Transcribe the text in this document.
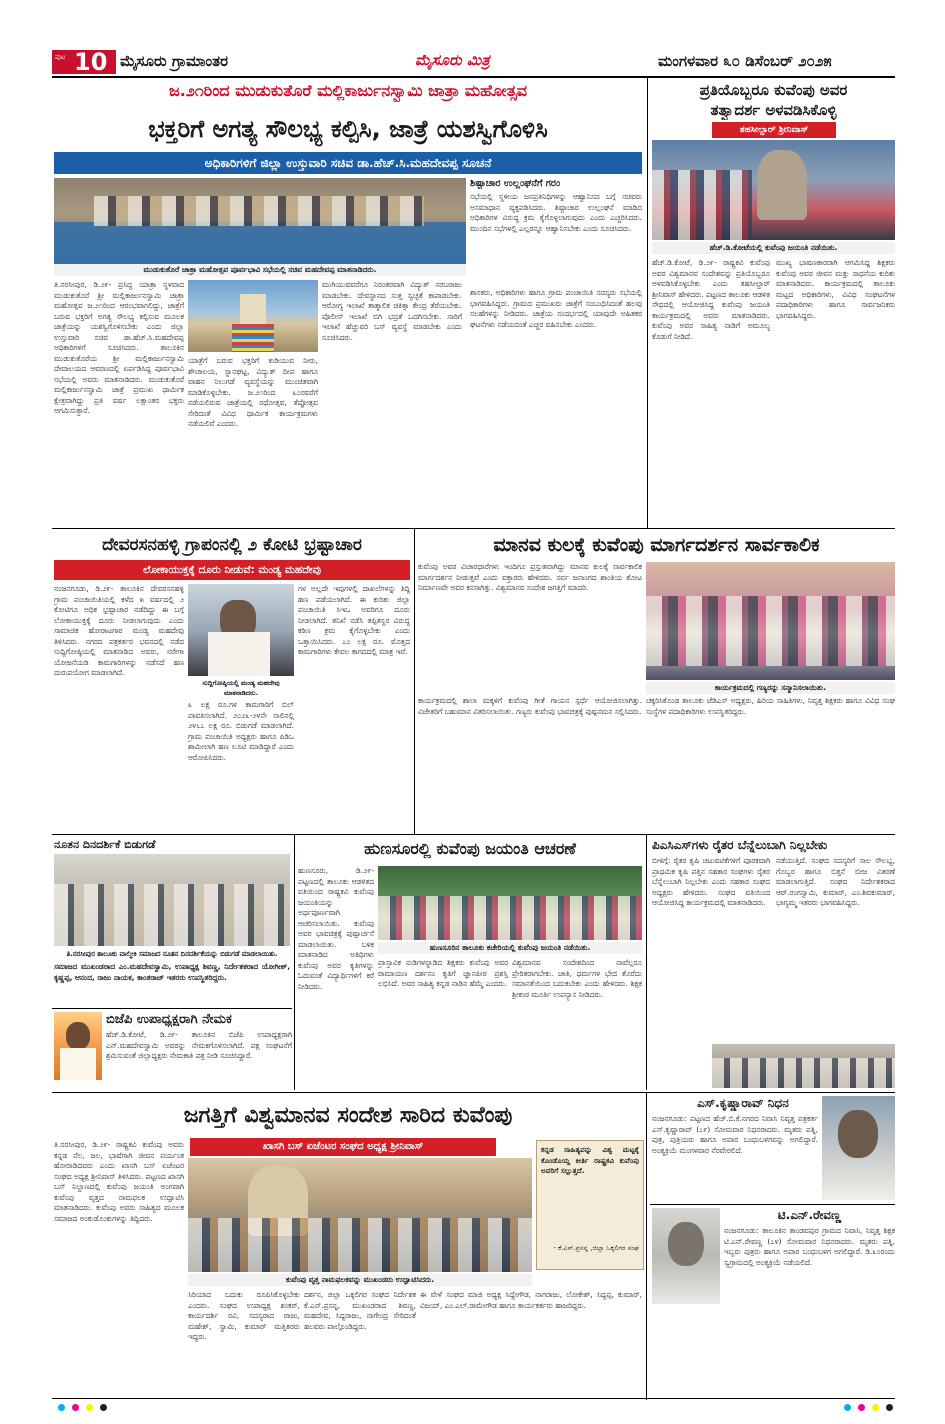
ಪುಟ 10 ಮೈಸೂರು ಗ್ರಾಮಾಂತರ	ಮೈಸೂರು ಮಿತ್ರ	ಮಂಗಳವಾರ ೩೦ ಡಿಸೆಂಬರ್ ೨೦೨೫
ಜ.೨೧ರಿಂದ ಮುಡುಕುತೊರೆ ಮಲ್ಲಿಕಾರ್ಜುನಸ್ವಾಮಿ ಜಾತ್ರಾ ಮಹೋತ್ಸವ
ಭಕ್ತರಿಗೆ ಅಗತ್ಯ ಸೌಲಭ್ಯ ಕಲ್ಪಿಸಿ, ಜಾತ್ರೆ ಯಶಸ್ವಿಗೊಳಿಸಿ
ಅಧಿಕಾರಿಗಳಿಗೆ ಜಿಲ್ಲಾ ಉಸ್ತುವಾರಿ ಸಚಿವ ಡಾ.ಹೆಚ್.ಸಿ.ಮಹದೇವಪ್ಪ ಸೂಚನೆ
ಮುಡುಕುತೊರೆ ಜಾತ್ರಾ ಮಹೋತ್ಸವ ಪೂರ್ವಭಾವಿ ಸಭೆಯಲ್ಲಿ ಸಚಿವ ಮಹದೇವಪ್ಪ ಮಾತನಾಡಿದರು.
ಶಿಷ್ಟಾಚಾರ ಉಲ್ಲಂಘನೆಗೆ ಗರಂ
ಸಭೆಯಲ್ಲಿ ಸ್ಥಳೀಯ ಜನಪ್ರತಿನಿಧಿಗಳನ್ನು ಆಹ್ವಾನಿಸದ ಬಗ್ಗೆ ಸಚಿವರು ಅಸಮಾಧಾನ ವ್ಯಕ್ತಪಡಿಸಿದರು. ಶಿಷ್ಟಾಚಾರ ಉಲ್ಲಂಘನೆ ಮಾಡಿದ ಅಧಿಕಾರಿಗಳ ವಿರುದ್ಧ ಕ್ರಮ ಕೈಗೊಳ್ಳಲಾಗುವುದು ಎಂದು ಎಚ್ಚರಿಸಿದರು. ಮುಂದಿನ ಸಭೆಗಳಲ್ಲಿ ಎಲ್ಲರನ್ನೂ ಆಹ್ವಾನಿಸಬೇಕು ಎಂದು ಸೂಚಿಸಿದರು.
ತಿ.ನರಸೀಪುರ, ಡಿ.೨೯- ಪ್ರಸಿದ್ಧ ಯಾತ್ರಾ ಸ್ಥಳವಾದ ಮುಡುಕುತೊರೆ ಶ್ರೀ ಮಲ್ಲಿಕಾರ್ಜುನಸ್ವಾಮಿ ಜಾತ್ರಾ ಮಹೋತ್ಸವ ಜ.೨೧ರಿಂದ ಆರಂಭವಾಗಲಿದ್ದು, ಜಾತ್ರೆಗೆ ಬರುವ ಭಕ್ತರಿಗೆ ಅಗತ್ಯ ಸೌಲಭ್ಯ ಕಲ್ಪಿಸುವ ಮೂಲಕ ಜಾತ್ರೆಯನ್ನು ಯಶಸ್ವಿಗೊಳಿಸಬೇಕು ಎಂದು ಜಿಲ್ಲಾ ಉಸ್ತುವಾರಿ ಸಚಿವ ಡಾ.ಹೆಚ್.ಸಿ.ಮಹದೇವಪ್ಪ ಅಧಿಕಾರಿಗಳಿಗೆ ಸೂಚಿಸಿದರು. ತಾಲೂಕಿನ ಮುಡುಕುತೊರೆಯ ಶ್ರೀ ಮಲ್ಲಿಕಾರ್ಜುನಸ್ವಾಮಿ ದೇವಾಲಯದ ಆವರಣದಲ್ಲಿ ಏರ್ಪಡಿಸಿದ್ದ ಪೂರ್ವಭಾವಿ ಸಭೆಯಲ್ಲಿ ಅವರು ಮಾತನಾಡಿದರು. ಮುಡುಕುತೊರೆ ಮಲ್ಲಿಕಾರ್ಜುನಸ್ವಾಮಿ ಜಾತ್ರೆ ಪ್ರಮುಖ ಧಾರ್ಮಿಕ ಕ್ಷೇತ್ರವಾಗಿದ್ದು ಪ್ರತಿ ವರ್ಷ ಲಕ್ಷಾಂತರ ಭಕ್ತರು ಆಗಮಿಸುತ್ತಾರೆ.
ಯಾತ್ರೆಗೆ ಬರುವ ಭಕ್ತರಿಗೆ ಕುಡಿಯುವ ನೀರು, ಶೌಚಾಲಯ, ಸ್ನಾನಘಟ್ಟ, ವಿದ್ಯುತ್ ದೀಪ ಹಾಗೂ ವಾಹನ ನಿಲುಗಡೆ ವ್ಯವಸ್ಥೆಯನ್ನು ಮುಂಚಿತವಾಗಿ ಮಾಡಿಕೊಳ್ಳಬೇಕು. ಜ.೨೧ರಿಂದ ೩೦ರವರೆಗೆ ನಡೆಯಲಿರುವ ಜಾತ್ರೆಯಲ್ಲಿ ರಥೋತ್ಸವ, ತೆಪ್ಪೋತ್ಸವ ಸೇರಿದಂತೆ ವಿವಿಧ ಧಾರ್ಮಿಕ ಕಾರ್ಯಕ್ರಮಗಳು ನಡೆಯಲಿವೆ ಎಂದರು.
ಮುಗಿಯುವವರೆಗೂ ನಿರಂತರವಾಗಿ ವಿದ್ಯುತ್ ಸರಬರಾಜು ಮಾಡಬೇಕು. ದೇವಸ್ಥಾನದ ಸುತ್ತ ಸ್ವಚ್ಛತೆ ಕಾಪಾಡಬೇಕು. ಆರೋಗ್ಯ ಇಲಾಖೆ ತಾತ್ಕಾಲಿಕ ಚಿಕಿತ್ಸಾ ಕೇಂದ್ರ ತೆರೆಯಬೇಕು. ಪೊಲೀಸ್ ಇಲಾಖೆ ಬಿಗಿ ಭದ್ರತೆ ಒದಗಿಸಬೇಕು. ಸಾರಿಗೆ ಇಲಾಖೆ ಹೆಚ್ಚುವರಿ ಬಸ್ ವ್ಯವಸ್ಥೆ ಮಾಡಬೇಕು ಎಂದು ಸೂಚಿಸಿದರು.
ಶಾಸಕರು, ಅಧಿಕಾರಿಗಳು ಹಾಗೂ ಗ್ರಾಮ ಪಂಚಾಯಿತಿ ಸದಸ್ಯರು ಸಭೆಯಲ್ಲಿ ಭಾಗವಹಿಸಿದ್ದರು. ಗ್ರಾಮದ ಪ್ರಮುಖರು ಜಾತ್ರೆಗೆ ಸಂಬಂಧಿಸಿದಂತೆ ಹಲವು ಸಲಹೆಗಳನ್ನು ನೀಡಿದರು. ಜಾತ್ರೆಯ ಸಂದರ್ಭದಲ್ಲಿ ಯಾವುದೇ ಅಹಿತಕರ ಘಟನೆಗಳು ನಡೆಯದಂತೆ ಎಚ್ಚರ ವಹಿಸಬೇಕು ಎಂದರು.
ಪ್ರತಿಯೊಬ್ಬರೂ ಕುವೆಂಪು ಅವರ
ತತ್ವಾದರ್ಶ ಅಳವಡಿಸಿಕೊಳ್ಳಿ
ತಹಸೀಲ್ದಾರ್ ಶ್ರೀನಿವಾಸ್
ಹೆಚ್.ಡಿ.ಕೋಟೆಯಲ್ಲಿ ಕುವೆಂಪು ಜಯಂತಿ ನಡೆಯಿತು.
ಹೆಚ್.ಡಿ.ಕೋಟೆ, ಡಿ.೨೯- ರಾಷ್ಟ್ರಕವಿ ಕುವೆಂಪು ಅವರ ವಿಶ್ವಮಾನವ ಸಂದೇಶವನ್ನು ಪ್ರತಿಯೊಬ್ಬರೂ ಅಳವಡಿಸಿಕೊಳ್ಳಬೇಕು ಎಂದು ತಹಸೀಲ್ದಾರ್ ಶ್ರೀನಿವಾಸ್ ಹೇಳಿದರು. ಪಟ್ಟಣದ ತಾಲೂಕು ಆಡಳಿತ ಸೌಧದಲ್ಲಿ ಆಯೋಜಿಸಿದ್ದ ಕುವೆಂಪು ಜಯಂತಿ ಕಾರ್ಯಕ್ರಮದಲ್ಲಿ ಅವರು ಮಾತನಾಡಿದರು. ಕುವೆಂಪು ಅವರ ಸಾಹಿತ್ಯ ನಾಡಿಗೆ ಅಮೂಲ್ಯ ಕೊಡುಗೆ ನೀಡಿದೆ.
ಮುಖ್ಯ ಭಾಷಣಕಾರರಾಗಿ ಆಗಮಿಸಿದ್ದ ಶಿಕ್ಷಕರು ಕುವೆಂಪು ಅವರ ಜೀವನ ಮತ್ತು ಸಾಧನೆಯ ಕುರಿತು ಮಾತನಾಡಿದರು. ಕಾರ್ಯಕ್ರಮದಲ್ಲಿ ತಾಲೂಕು ಮಟ್ಟದ ಅಧಿಕಾರಿಗಳು, ವಿವಿಧ ಸಂಘಟನೆಗಳ ಪದಾಧಿಕಾರಿಗಳು ಹಾಗೂ ಸಾರ್ವಜನಿಕರು ಭಾಗವಹಿಸಿದ್ದರು.
ದೇವರಸನಹಳ್ಳಿ ಗ್ರಾಪಂನಲ್ಲಿ ೨ ಕೋಟಿ ಭ್ರಷ್ಟಾಚಾರ
ಲೋಕಾಯುಕ್ತಕ್ಕೆ ದೂರು ನೀಡುವೆ: ಮಂಡ್ಯ ಮಹದೇವು
ನಂಜನಗೂಡು, ಡಿ.೨೯- ತಾಲೂಕಿನ ದೇವರಸನಹಳ್ಳಿ ಗ್ರಾಮ ಪಂಚಾಯಿತಿಯಲ್ಲಿ ಕಳೆದ ೫ ವರ್ಷದಲ್ಲಿ ೨ ಕೋಟಿಗೂ ಅಧಿಕ ಭ್ರಷ್ಟಾಚಾರ ನಡೆದಿದ್ದು ಈ ಬಗ್ಗೆ ಲೋಕಾಯುಕ್ತಕ್ಕೆ ದೂರು ನೀಡಲಾಗುವುದು ಎಂದು ಸಾಮಾಜಿಕ ಹೋರಾಟಗಾರ ಮಂಡ್ಯ ಮಹದೇವು ತಿಳಿಸಿದರು. ನಗರದ ಪತ್ರಕರ್ತರ ಭವನದಲ್ಲಿ ನಡೆದ ಸುದ್ದಿಗೋಷ್ಠಿಯಲ್ಲಿ ಮಾತನಾಡಿದ ಅವರು, ನರೇಗಾ ಯೋಜನೆಯಡಿ ಕಾಮಗಾರಿಗಳನ್ನು ನಡೆಸದೆ ಹಣ ದುರುಪಯೋಗ ಮಾಡಲಾಗಿದೆ.
ಸುದ್ದಿಗೋಷ್ಠಿಯಲ್ಲಿ ಮಂಡ್ಯ ಮಹದೇವು ಮಾತನಾಡಿದರು.
೩ ಲಕ್ಷ ರೂ.ಗಳ ಕಾಮಗಾರಿಗೆ ಬಿಲ್ ಪಾವತಿಸಲಾಗಿದೆ. ೨೦೨೩-೨೪ನೇ ಸಾಲಿನಲ್ಲಿ ೨೪೬೭ ಲಕ್ಷ ರೂ. ಬಿಡುಗಡೆ ಮಾಡಲಾಗಿದೆ. ಗ್ರಾಮ ಪಂಚಾಯಿತಿ ಅಧ್ಯಕ್ಷರು ಹಾಗೂ ಪಿಡಿಒ ಶಾಮೀಲಾಗಿ ಹಣ ಲೂಟಿ ಮಾಡಿದ್ದಾರೆ ಎಂದು ಆರೋಪಿಸಿದರು.
ಗಳ ಅಲ್ಲದೇ ಇವುಗಳಲ್ಲಿ ದಾಖಲೆಗಳನ್ನು ತಿದ್ದಿ ಹಣ ಪಡೆಯಲಾಗಿದೆ. ಈ ಕುರಿತು ಜಿಲ್ಲಾ ಪಂಚಾಯಿತಿ ಸಿಇಒ ಅವರಿಗೂ ದೂರು ನೀಡಲಾಗಿದೆ. ತನಿಖೆ ನಡೆಸಿ ತಪ್ಪಿತಸ್ಥರ ವಿರುದ್ಧ ಕಠಿಣ ಕ್ರಮ ಕೈಗೊಳ್ಳಬೇಕು ಎಂದು ಒತ್ತಾಯಿಸಿದರು. ೭೦ ಲಕ್ಷ ರೂ. ಮೊತ್ತದ ಕಾಮಗಾರಿಗಳು ಕೇವಲ ಕಾಗದದಲ್ಲಿ ಮಾತ್ರ ಇವೆ.
ಮಾನವ ಕುಲಕ್ಕೆ ಕುವೆಂಪು ಮಾರ್ಗದರ್ಶನ ಸಾರ್ವಕಾಲಿಕ
ಕಾರ್ಯಕ್ರಮದಲ್ಲಿ ಗಣ್ಯರನ್ನು ಸನ್ಮಾನಿಸಲಾಯಿತು.
ಕುವೆಂಪು ಅವರ ವಿಚಾರಧಾರೆಗಳು ಇಂದಿಗೂ ಪ್ರಸ್ತುತವಾಗಿದ್ದು ಮಾನವ ಕುಲಕ್ಕೆ ಸಾರ್ವಕಾಲಿಕ ಮಾರ್ಗದರ್ಶನ ನೀಡುತ್ತವೆ ಎಂದು ವಕ್ತಾರರು ಹೇಳಿದರು. ಸರ್ವ ಜನಾಂಗದ ಶಾಂತಿಯ ತೋಟ ನಿರ್ಮಾಣವೇ ಅವರ ಕನಸಾಗಿತ್ತು. ವಿಶ್ವಮಾನವ ಸಂದೇಶ ಜಗತ್ತಿಗೆ ಮಾದರಿ.
ಕಾರ್ಯಕ್ರಮದಲ್ಲಿ ಶಾಲಾ ಮಕ್ಕಳಿಗೆ ಕುವೆಂಪು ಗೀತೆ ಗಾಯನ ಸ್ಪರ್ಧೆ ಆಯೋಜಿಸಲಾಗಿತ್ತು. ವಿಜೇತರಿಗೆ ಬಹುಮಾನ ವಿತರಿಸಲಾಯಿತು. ಗಣ್ಯರು ಕುವೆಂಪು ಭಾವಚಿತ್ರಕ್ಕೆ ಪುಷ್ಪನಮನ ಸಲ್ಲಿಸಿದರು.
ಚಕ್ಕರಿಸಿಕೊಂಡ ತಾಲೂಕು ಜೆಡಿಎಸ್ ಅಧ್ಯಕ್ಷರು, ಹಿರಿಯ ಸಾಹಿತಿಗಳು, ನಿವೃತ್ತ ಶಿಕ್ಷಕರು ಹಾಗೂ ವಿವಿಧ ಸಂಘ ಸಂಸ್ಥೆಗಳ ಪದಾಧಿಕಾರಿಗಳು ಉಪಸ್ಥಿತರಿದ್ದರು.
ನೂತನ ದಿನದರ್ಶಿಕೆ ಬಿಡುಗಡೆ
ತಿ.ನರಸೀಪುರ ತಾಲೂಕು ವಾಲ್ಮೀಕಿ ಸಮಾಜದ ನೂತನ ದಿನದರ್ಶಿಕೆಯನ್ನು ಬಿಡುಗಡೆ ಮಾಡಲಾಯಿತು.
ಸಮಾಜದ ಮುಖಂಡರಾದ ಎಂ.ಮಹದೇವಸ್ವಾಮಿ, ಉಪಾಧ್ಯಕ್ಷ ಶಿವಣ್ಣ, ನಿರ್ದೇಶಕರಾದ ಯೋಗೀಶ್, ಕೃಷ್ಣಪ್ಪ, ಆನಂದ, ರಾಜು ನಾಯಕ, ಕಾಂತರಾಜ್ ಇತರರು ಉಪಸ್ಥಿತರಿದ್ದರು.
ಬಿಜೆಪಿ ಉಪಾಧ್ಯಕ್ಷರಾಗಿ ನೇಮಕ
ಹೆಚ್.ಡಿ.ಕೋಟೆ, ಡಿ.೨೯- ತಾಲೂಕಿನ ಬಿಜೆಪಿ ಉಪಾಧ್ಯಕ್ಷರಾಗಿ ಎನ್.ಮಹದೇವಸ್ವಾಮಿ ಅವರನ್ನು ನೇಮಕಗೊಳಿಸಲಾಗಿದೆ. ಪಕ್ಷ ಸಂಘಟನೆಗೆ ಶ್ರಮಿಸುವಂತೆ ಜಿಲ್ಲಾಧ್ಯಕ್ಷರು ನೇಮಕಾತಿ ಪತ್ರ ನೀಡಿ ಸೂಚಿಸಿದ್ದಾರೆ.
ಹುಣಸೂರಲ್ಲಿ ಕುವೆಂಪು ಜಯಂತಿ ಆಚರಣೆ
ಹುಣಸೂರು, ಡಿ.೨೯- ಪಟ್ಟಣದಲ್ಲಿ ತಾಲೂಕು ಆಡಳಿತದ ವತಿಯಿಂದ ರಾಷ್ಟ್ರಕವಿ ಕುವೆಂಪು ಜಯಂತಿಯನ್ನು ಅರ್ಥಪೂರ್ಣವಾಗಿ ಆಚರಿಸಲಾಯಿತು. ಕುವೆಂಪು ಅವರ ಭಾವಚಿತ್ರಕ್ಕೆ ಪುಷ್ಪಾರ್ಚನೆ ಮಾಡಲಾಯಿತು. ಬಳಿಕ ಮಾತನಾಡಿದ ಅತಿಥಿಗಳು ಕುವೆಂಪು ಅವರ ಕೃತಿಗಳನ್ನು ಓದುವಂತೆ ವಿದ್ಯಾರ್ಥಿಗಳಿಗೆ ಕರೆ ನೀಡಿದರು.
ಹುಣಸೂರಿನ ತಾಲೂಕು ಕಚೇರಿಯಲ್ಲಿ ಕುವೆಂಪು ಜಯಂತಿ ನಡೆಯಿತು.
ಪ್ರಾಸ್ತಾವಿಕ ನುಡಿಗಳನ್ನಾಡಿದ ಶಿಕ್ಷಕರು ಕುವೆಂಪು ಅವರ ರಾಮಾಯಣ ದರ್ಶನಂ ಕೃತಿಗೆ ಜ್ಞಾನಪೀಠ ಪ್ರಶಸ್ತಿ ಲಭಿಸಿದೆ. ಅವರ ಸಾಹಿತ್ಯ ಕನ್ನಡ ನಾಡಿನ ಹೆಮ್ಮೆ ಎಂದರು.
ವಿಶ್ವಮಾನವ ಸಂದೇಶದಿಂದ ನಾವೆಲ್ಲರೂ ಪ್ರೇರಿತರಾಗಬೇಕು. ಜಾತಿ, ಧರ್ಮಗಳ ಭೇದ ತೊರೆದು ಸಮಾನತೆಯಿಂದ ಬದುಕಬೇಕು ಎಂದು ಹೇಳಿದರು. ಶಿಕ್ಷಕ ಶ್ರೀಕಂಠ ಮೂರ್ತಿ ಉಪನ್ಯಾಸ ನೀಡಿದರು.
ಪಿಎಸಿಎಸ್‌ಗಳು ರೈತರ ಬೆನ್ನೆಲುಬಾಗಿ ನಿಲ್ಲಬೇಕು
ಬೀಳಿಗ್ಗೆ: ರೈತರ ಕೃಷಿ ಚಟುವಟಿಕೆಗಳಿಗೆ ಪೂರಕವಾಗಿ ಪ್ರಾಥಮಿಕ ಕೃಷಿ ಪತ್ತಿನ ಸಹಕಾರ ಸಂಘಗಳು ರೈತರ ಬೆನ್ನೆಲುಬಾಗಿ ನಿಲ್ಲಬೇಕು ಎಂದು ಸಹಕಾರ ಸಂಘದ ಅಧ್ಯಕ್ಷರು ಹೇಳಿದರು. ಸಂಘದ ವತಿಯಿಂದ ಆಯೋಜಿಸಿದ್ದ ಕಾರ್ಯಕ್ರಮದಲ್ಲಿ ಮಾತನಾಡಿದರು.
ನಡೆಯುತ್ತಿದೆ. ಸಂಘದ ಸದಸ್ಯರಿಗೆ ಸಾಲ ಸೌಲಭ್ಯ, ಗೊಬ್ಬರ ಹಾಗೂ ಬಿತ್ತನೆ ಬೀಜ ವಿತರಣೆ ಮಾಡಲಾಗುತ್ತಿದೆ. ಸಂಘದ ನಿರ್ದೇಶಕರಾದ ಆರ್.ರಂಗಸ್ವಾಮಿ, ಕುಮಾರ್, ಎಂ.ಶಿವಕುಮಾರ್, ಭಾಗ್ಯಮ್ಮ ಇತರರು ಭಾಗವಹಿಸಿದ್ದರು.
ಜಗತ್ತಿಗೆ ವಿಶ್ವಮಾನವ ಸಂದೇಶ ಸಾರಿದ ಕುವೆಂಪು
ಖಾಸಗಿ ಬಸ್ ಏಜೆಂಟರ ಸಂಘದ ಅಧ್ಯಕ್ಷ ಶ್ರೀನಿವಾಸ್
ತಿ.ನರಸೀಪುರ, ಡಿ.೨೯- ರಾಷ್ಟ್ರಕವಿ ಕುವೆಂಪು ಅವರು ಕನ್ನಡ ನೆಲ, ಜಲ, ಭಾಷೆಗಾಗಿ ಜೀವನ ಪರ್ಯಂತ ಹೋರಾಡಿದವರು ಎಂದು ಖಾಸಗಿ ಬಸ್ ಏಜೆಂಟರ ಸಂಘದ ಅಧ್ಯಕ್ಷ ಶ್ರೀನಿವಾಸ್ ತಿಳಿಸಿದರು. ಪಟ್ಟಣದ ಖಾಸಗಿ ಬಸ್ ನಿಲ್ದಾಣದಲ್ಲಿ ಕುವೆಂಪು ಜಯಂತಿ ಅಂಗವಾಗಿ ಕುವೆಂಪು ವೃತ್ತದ ನಾಮಫಲಕ ಉದ್ಘಾಟಿಸಿ ಮಾತನಾಡಿದರು. ಕುವೆಂಪು ಅವರು ಸಾಹಿತ್ಯದ ಮೂಲಕ ಸಮಾಜದ ಅಂಕುಡೊಂಕುಗಳನ್ನು ತಿದ್ದಿದರು.
ಕುವೆಂಪು ವೃತ್ತ ನಾಮಫಲಕವನ್ನು ಮುಖಂಡರು ಉದ್ಘಾಟಿಸಿದರು.
ಕನ್ನಡ ಸಾಹಿತ್ಯವನ್ನು ವಿಶ್ವ ಮಟ್ಟಕ್ಕೆ ಕೊಂಡೊಯ್ದ ಕೀರ್ತಿ ರಾಷ್ಟ್ರಕವಿ ಕುವೆಂಪು ಅವರಿಗೆ ಸಲ್ಲುತ್ತದೆ.
- ಕೆ.ಎನ್.ಪ್ರಸನ್ನ ,ಜಿಲ್ಲಾ ಒಕ್ಕಲಿಗರ ಸಂಘ
ಸಿರಿಯಾದ ಬದುಕು ರೂಪಿಸಿಕೊಳ್ಳಬೇಕು ಎಂದರು. ಸಂಘದ ಉಪಾಧ್ಯಕ್ಷ ಶಂಕರ್, ಕಾರ್ಯದರ್ಶಿ ರವಿ, ಸದಸ್ಯರಾದ ರಾಜು, ಮಹೇಶ್, ಸ್ವಾಮಿ, ಕುಮಾರ್ ಮತ್ತಿತರರು ಇದ್ದರು.
ದರ್ಶನ, ಜಿಲ್ಲಾ ಒಕ್ಕಲಿಗರ ಸಂಘದ ನಿರ್ದೇಶಕ ಕೆ.ಎನ್.ಪ್ರಸನ್ನ, ಮುಖಂಡರಾದ ಶಿವಣ್ಣ, ಮಹದೇವ, ಸಿದ್ದರಾಜು, ನಾಗೇಂದ್ರ ಸೇರಿದಂತೆ ಹಲವರು ಪಾಲ್ಗೊಂಡಿದ್ದರು.
ಈ ವೇಳೆ ಸಂಘದ ಮಾಜಿ ಅಧ್ಯಕ್ಷ ಸಿದ್ದೇಗೌಡ, ನಾಗರಾಜು, ಲೋಕೇಶ್, ಸಿದ್ದಪ್ಪ, ಕುಮಾರ್, ವಿಜಯ್, ಎಂ.ಎಲ್.ರಾಮೇಗೌಡ ಹಾಗೂ ಕಾರ್ಯಕರ್ತರು ಹಾಜರಿದ್ದರು.
ಎಸ್.ಕೃಷ್ಣಾರಾವ್ ನಿಧನ
ನಂಜನಗೂಡು: ಪಟ್ಟಣದ ಹೆಚ್.ಬಿ.ಕೆ.ನಗರದ ನಿವಾಸಿ ನಿವೃತ್ತ ಪತ್ರಕರ್ತ ಎಸ್.ಕೃಷ್ಣಾರಾವ್ (೭೯) ಸೋಮವಾರ ನಿಧನರಾದರು. ಮೃತರು ಪತ್ನಿ, ಪುತ್ರ, ಪುತ್ರಿಯರು ಹಾಗೂ ಅಪಾರ ಬಂಧುಬಳಗವನ್ನು ಅಗಲಿದ್ದಾರೆ. ಅಂತ್ಯಕ್ರಿಯೆ ಮಂಗಳವಾರ ನೆರವೇರಲಿದೆ.
ಟಿ.ಎನ್.ರೇವಣ್ಣ
ನಂಜನಗೂಡು: ತಾಲೂಕಿನ ತಾಂಡವಪುರ ಗ್ರಾಮದ ನಿವಾಸಿ, ನಿವೃತ್ತ ಶಿಕ್ಷಕ ಟಿ.ಎನ್.ರೇವಣ್ಣ (೭೪) ಸೋಮವಾರ ನಿಧನರಾದರು. ಮೃತರು ಪತ್ನಿ, ಇಬ್ಬರು ಪುತ್ರರು ಹಾಗೂ ಅಪಾರ ಬಂಧುಬಳಗ ಅಗಲಿದ್ದಾರೆ. ಡಿ.೩೦ರಂದು ಸ್ವಗ್ರಾಮದಲ್ಲಿ ಅಂತ್ಯಕ್ರಿಯೆ ನಡೆಯಲಿದೆ.
